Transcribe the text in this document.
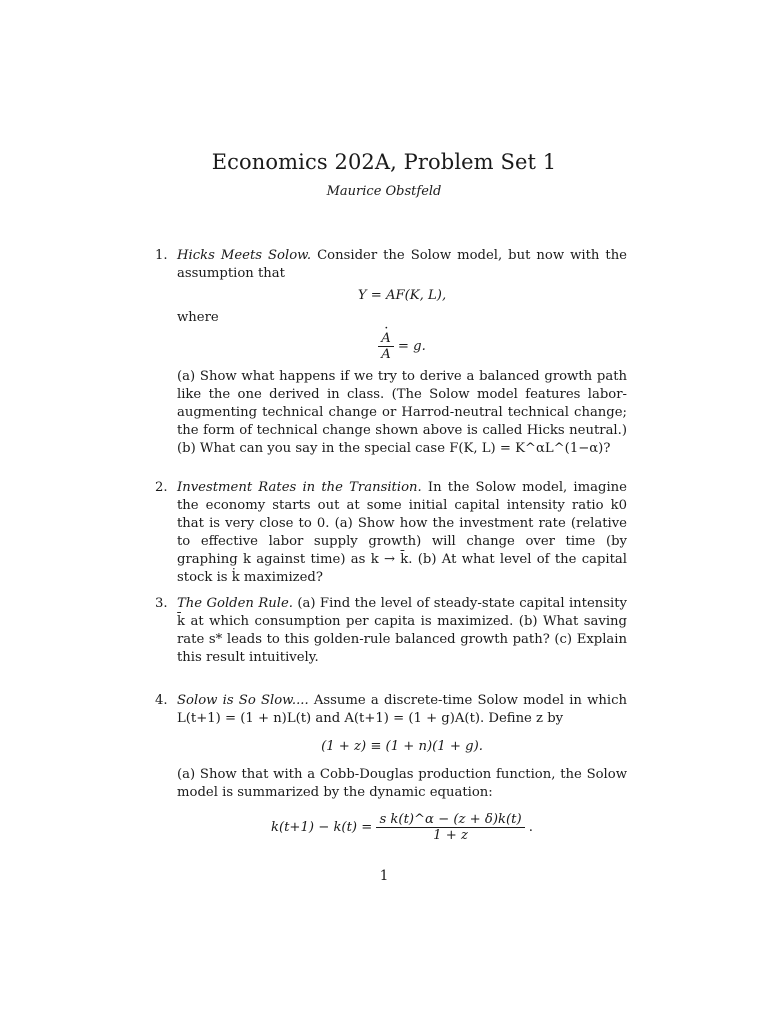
Economics 202A, Problem Set 1
Maurice Obstfeld
1. Hicks Meets Solow. Consider the Solow model, but now with the assumption that
Y = AF(K, L),
where
· $\frac{A}{A} = g$.
(a) Show what happens if we try to derive a balanced growth path like the one derived in class. (The Solow model features labor-augmenting technical change or Harrod-neutral technical change; the form of technical change shown above is called Hicks neutral.) (b) What can you say in the special case F(K, L) = K^αL^(1−α)?
2. Investment Rates in the Transition. In the Solow model, imagine the economy starts out at some initial capital intensity ratio k0 that is very close to 0. (a) Show how the investment rate (relative to effective labor supply growth) will change over time (by graphing k against time) as k → k̄. (b) At what level of the capital stock is k̇ maximized?
3. The Golden Rule. (a) Find the level of steady-state capital intensity k̄ at which consumption per capita is maximized. (b) What saving rate s* leads to this golden-rule balanced growth path? (c) Explain this result intuitively.
4. Solow is So Slow.... Assume a discrete-time Solow model in which L(t+1) = (1 + n)L(t) and A(t+1) = (1 + g)A(t). Define z by
(1 + z) ≡ (1 + n)(1 + g).
(a) Show that with a Cobb-Douglas production function, the Solow model is summarized by the dynamic equation:
$k(t+1) - k(t) = \frac{\text{s k(t)\textasciicircum{}α − (z + δ)k(t)}}{1 + z}$ .
1
